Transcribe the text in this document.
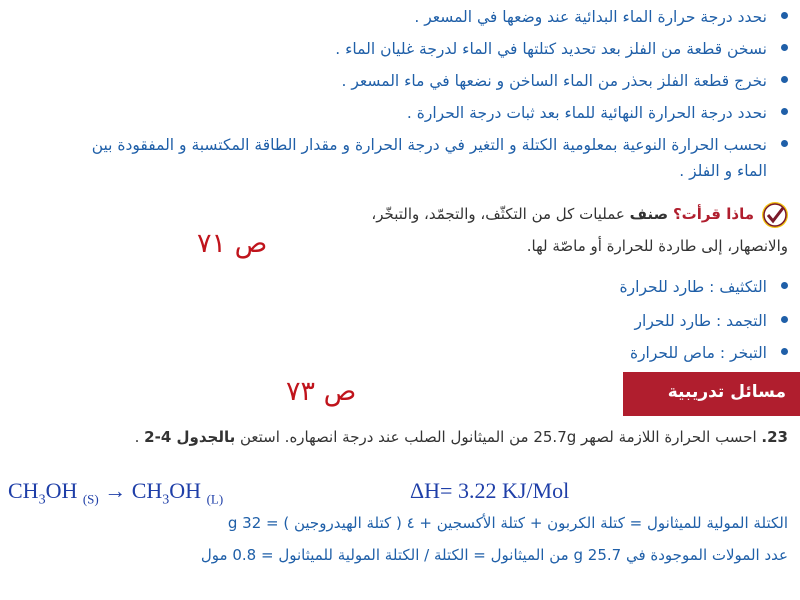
نحدد درجة حرارة الماء البدائية عند وضعها في المسعر .
نسخن قطعة من الفلز بعد تحديد كتلتها في الماء لدرجة غليان الماء .
نخرج قطعة الفلز بحذر من الماء الساخن و نضعها في ماء المسعر .
نحدد درجة الحرارة النهائية للماء بعد ثبات درجة الحرارة .
نحسب الحرارة النوعية بمعلومية الكتلة و التغير في درجة الحرارة و مقدار الطاقة المكتسبة و المفقودة بين
الماء و الفلز .
ماذا قرأت؟ صنف عمليات كل من التكثّف، والتجمّد، والتبخّر،
والانصهار، إلى طاردة للحرارة أو ماصّة لها.
ص ٧١
التكثيف : طارد للحرارة
التجمد : طارد للحرار
التبخر : ماص للحرارة
ص ٧٣	مسائل تدريبية
23. احسب الحرارة اللازمة لصهر 25.7g من الميثانول الصلب عند درجة انصهاره. استعن بالجدول 4-2 .
$CH_3OH$ $_{(S)} \to CH_3OH$ $_{(L)}$	ΔH= 3.22 KJ/Mol
الكتلة المولية للميثانول = كتلة الكربون + كتلة الأكسجين + ٤ ( كتلة الهيدروجين ) = 32 g
عدد المولات الموجودة في 25.7 g من الميثانول = الكتلة / الكتلة المولية للميثانول = 0.8 مول
